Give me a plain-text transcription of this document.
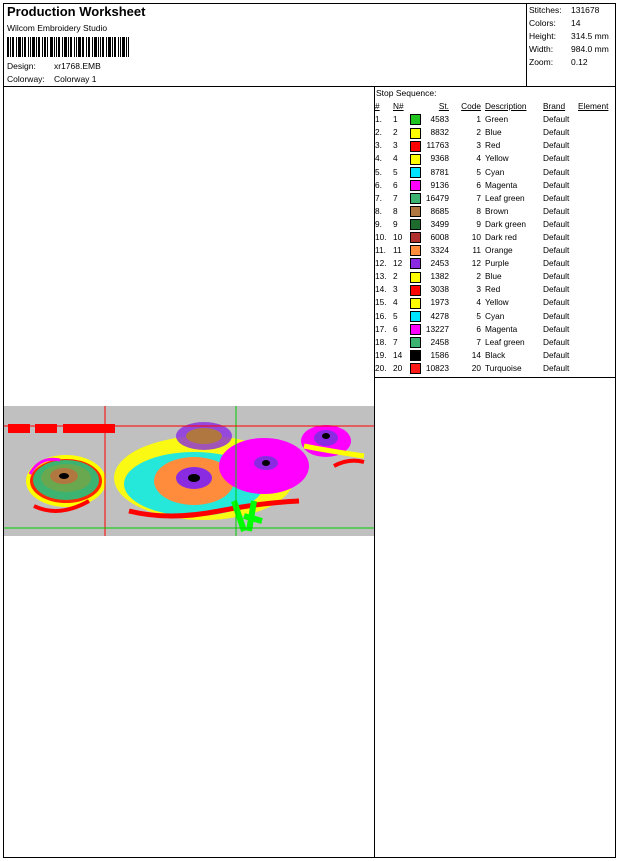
Production Worksheet
Wilcom Embroidery Studio
Design: xr1768.EMB
Colorway: Colorway 1
Stitches: 131678
Colors: 14
Height: 314.5 mm
Width: 984.0 mm
Zoom: 0.12
Stop Sequence:
#	N#		St.	Code	Description	Brand	Element
1.	1		4583	1	Green	Default	
2.	2		8832	2	Blue	Default	
3.	3		11763	3	Red	Default	
4.	4		9368	4	Yellow	Default	
5.	5		8781	5	Cyan	Default	
6.	6		9136	6	Magenta	Default	
7.	7		16479	7	Leaf green	Default	
8.	8		8685	8	Brown	Default	
9.	9		3499	9	Dark green	Default	
10.	10		6008	10	Dark red	Default	
11.	11		3324	11	Orange	Default	
12.	12		2453	12	Purple	Default	
13.	2		1382	2	Blue	Default	
14.	3		3038	3	Red	Default	
15.	4		1973	4	Yellow	Default	
16.	5		4278	5	Cyan	Default	
17.	6		13227	6	Magenta	Default	
18.	7		2458	7	Leaf green	Default	
19.	14		1586	14	Black	Default	
20.	20		10823	20	Turquoise	Default	
